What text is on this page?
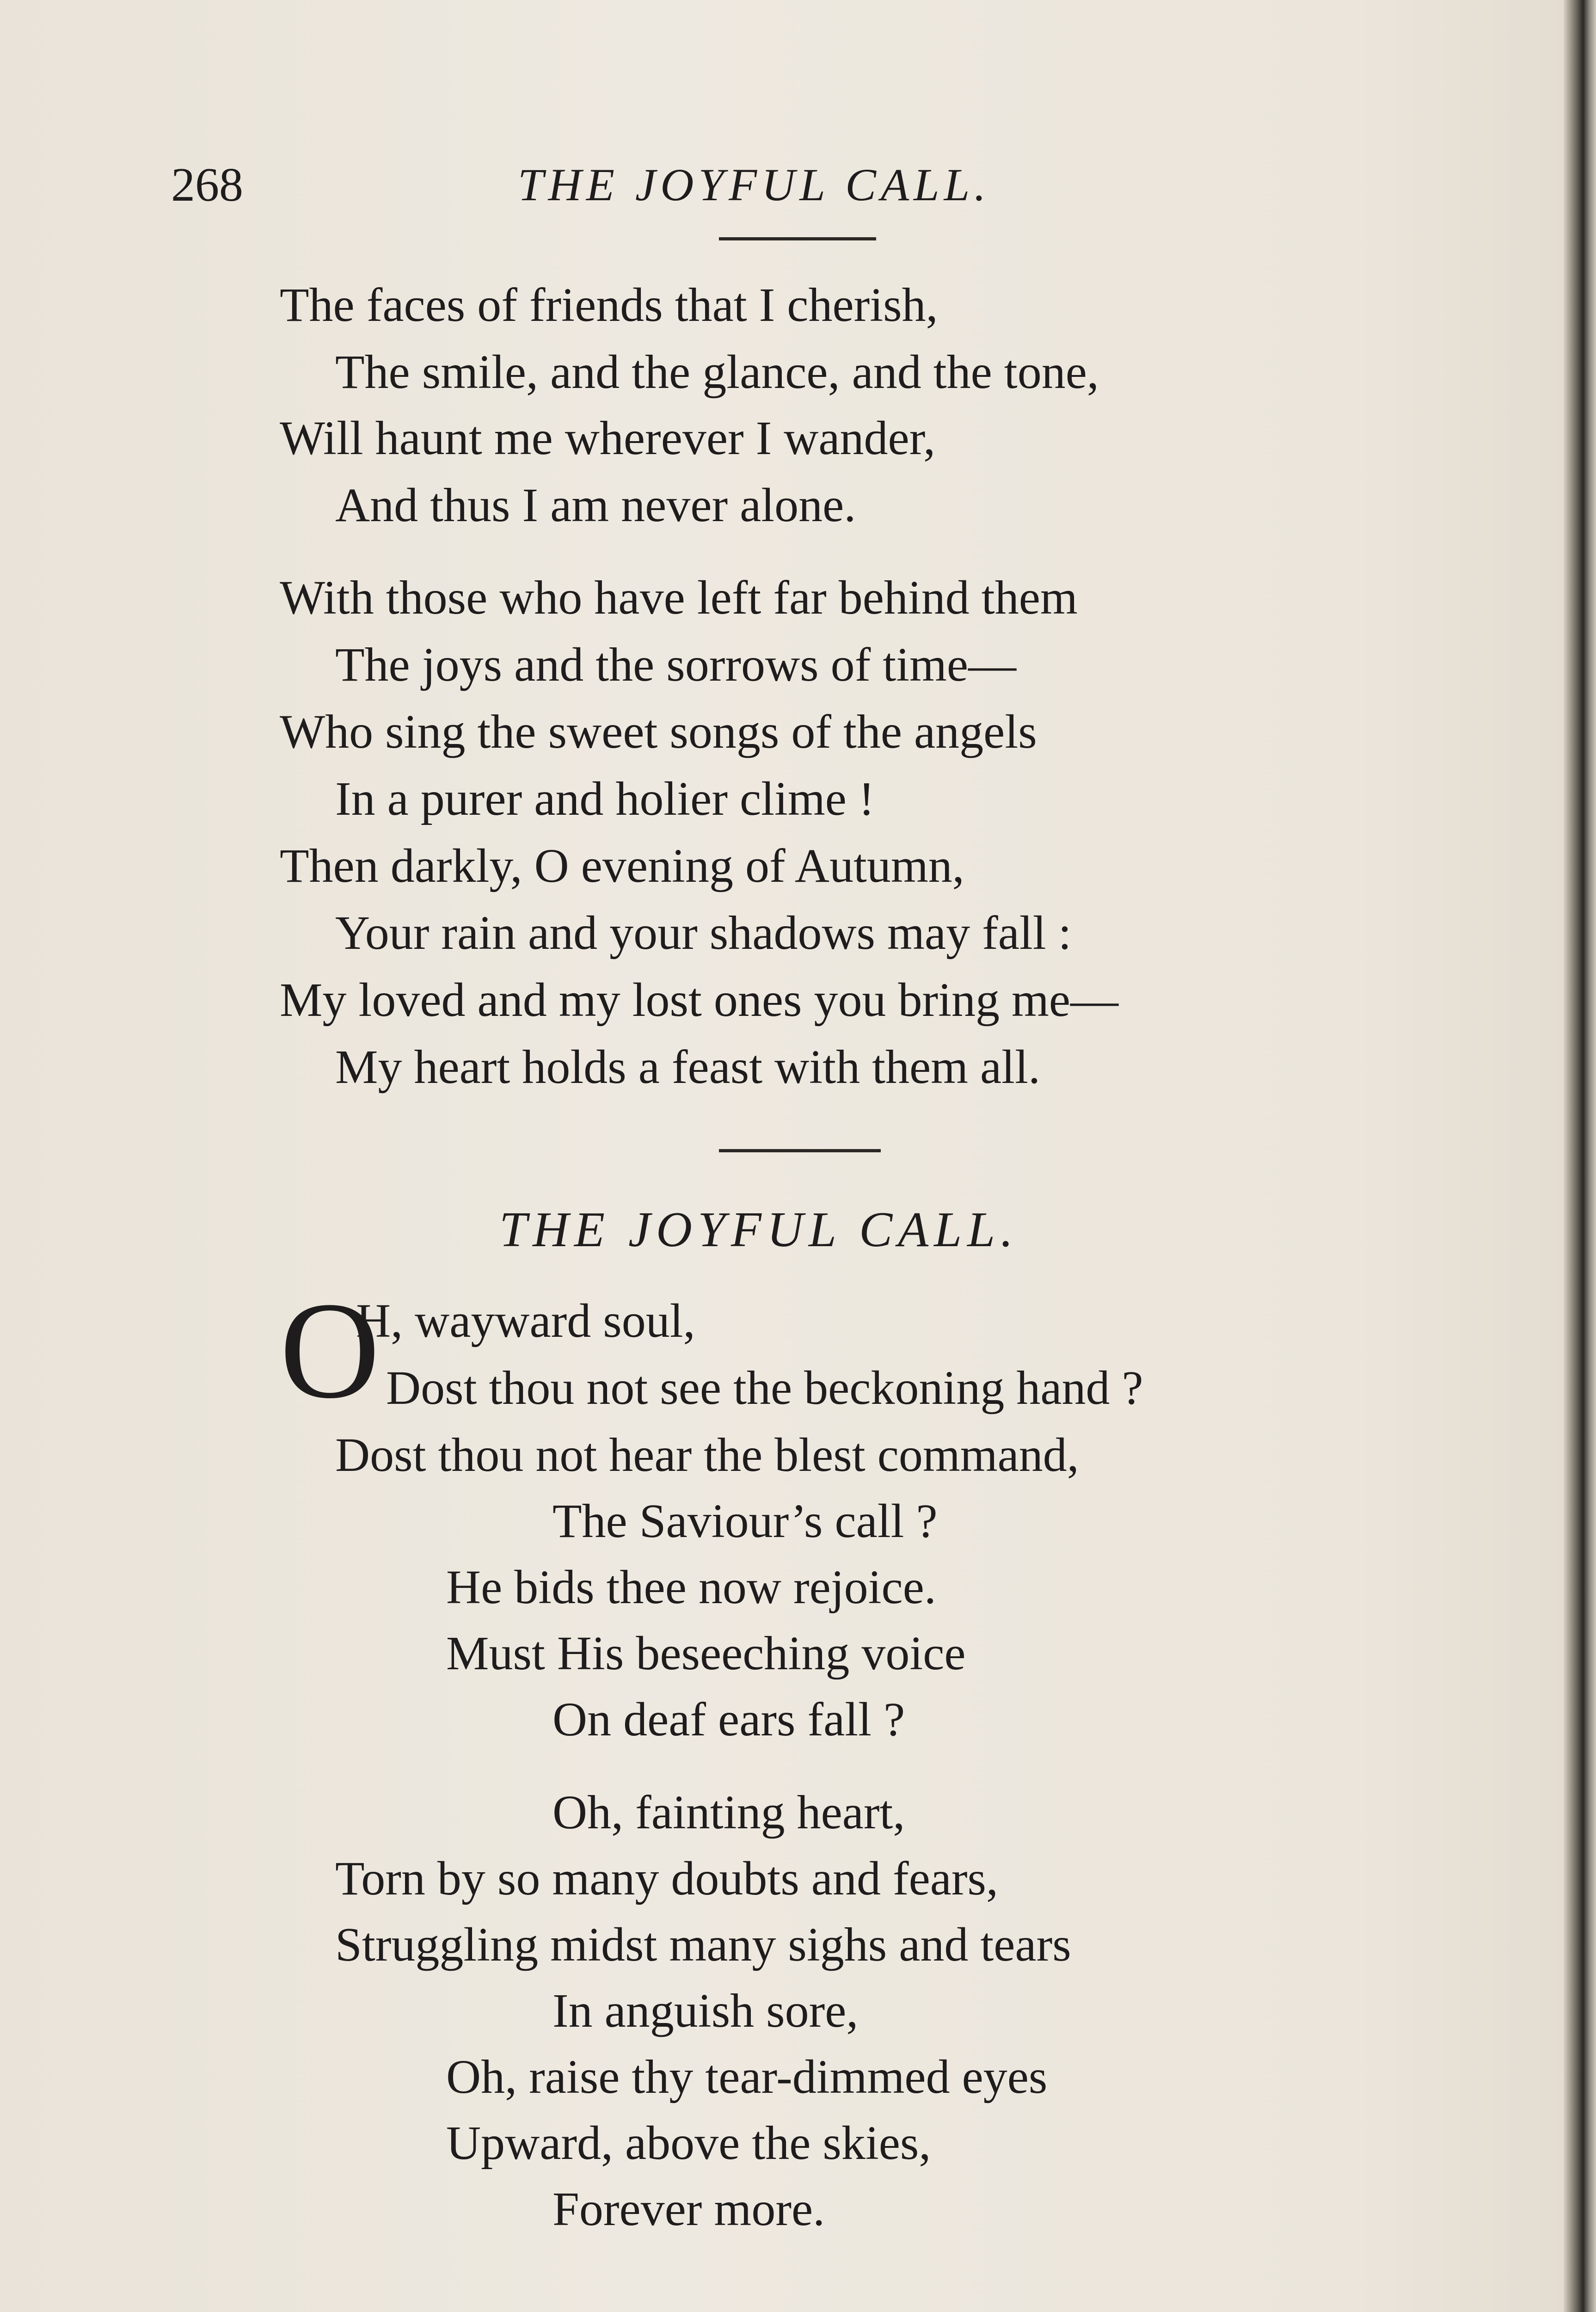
268	THE JOYFUL CALL.
The faces of friends that I cherish,
The smile, and the glance, and the tone,
Will haunt me wherever I wander,
And thus I am never alone.
With those who have left far behind them
The joys and the sorrows of time—
Who sing the sweet songs of the angels
In a purer and holier clime !
Then darkly, O evening of Autumn,
Your rain and your shadows may fall :
My loved and my lost ones you bring me—
My heart holds a feast with them all.
THE JOYFUL CALL.
O
H, wayward soul,
Dost thou not see the beckoning hand ?
Dost thou not hear the blest command,
The Saviour’s call ?
He bids thee now rejoice.
Must His beseeching voice
On deaf ears fall ?
Oh, fainting heart,
Torn by so many doubts and fears,
Struggling midst many sighs and tears
In anguish sore,
Oh, raise thy tear-dimmed eyes
Upward, above the skies,
Forever more.
